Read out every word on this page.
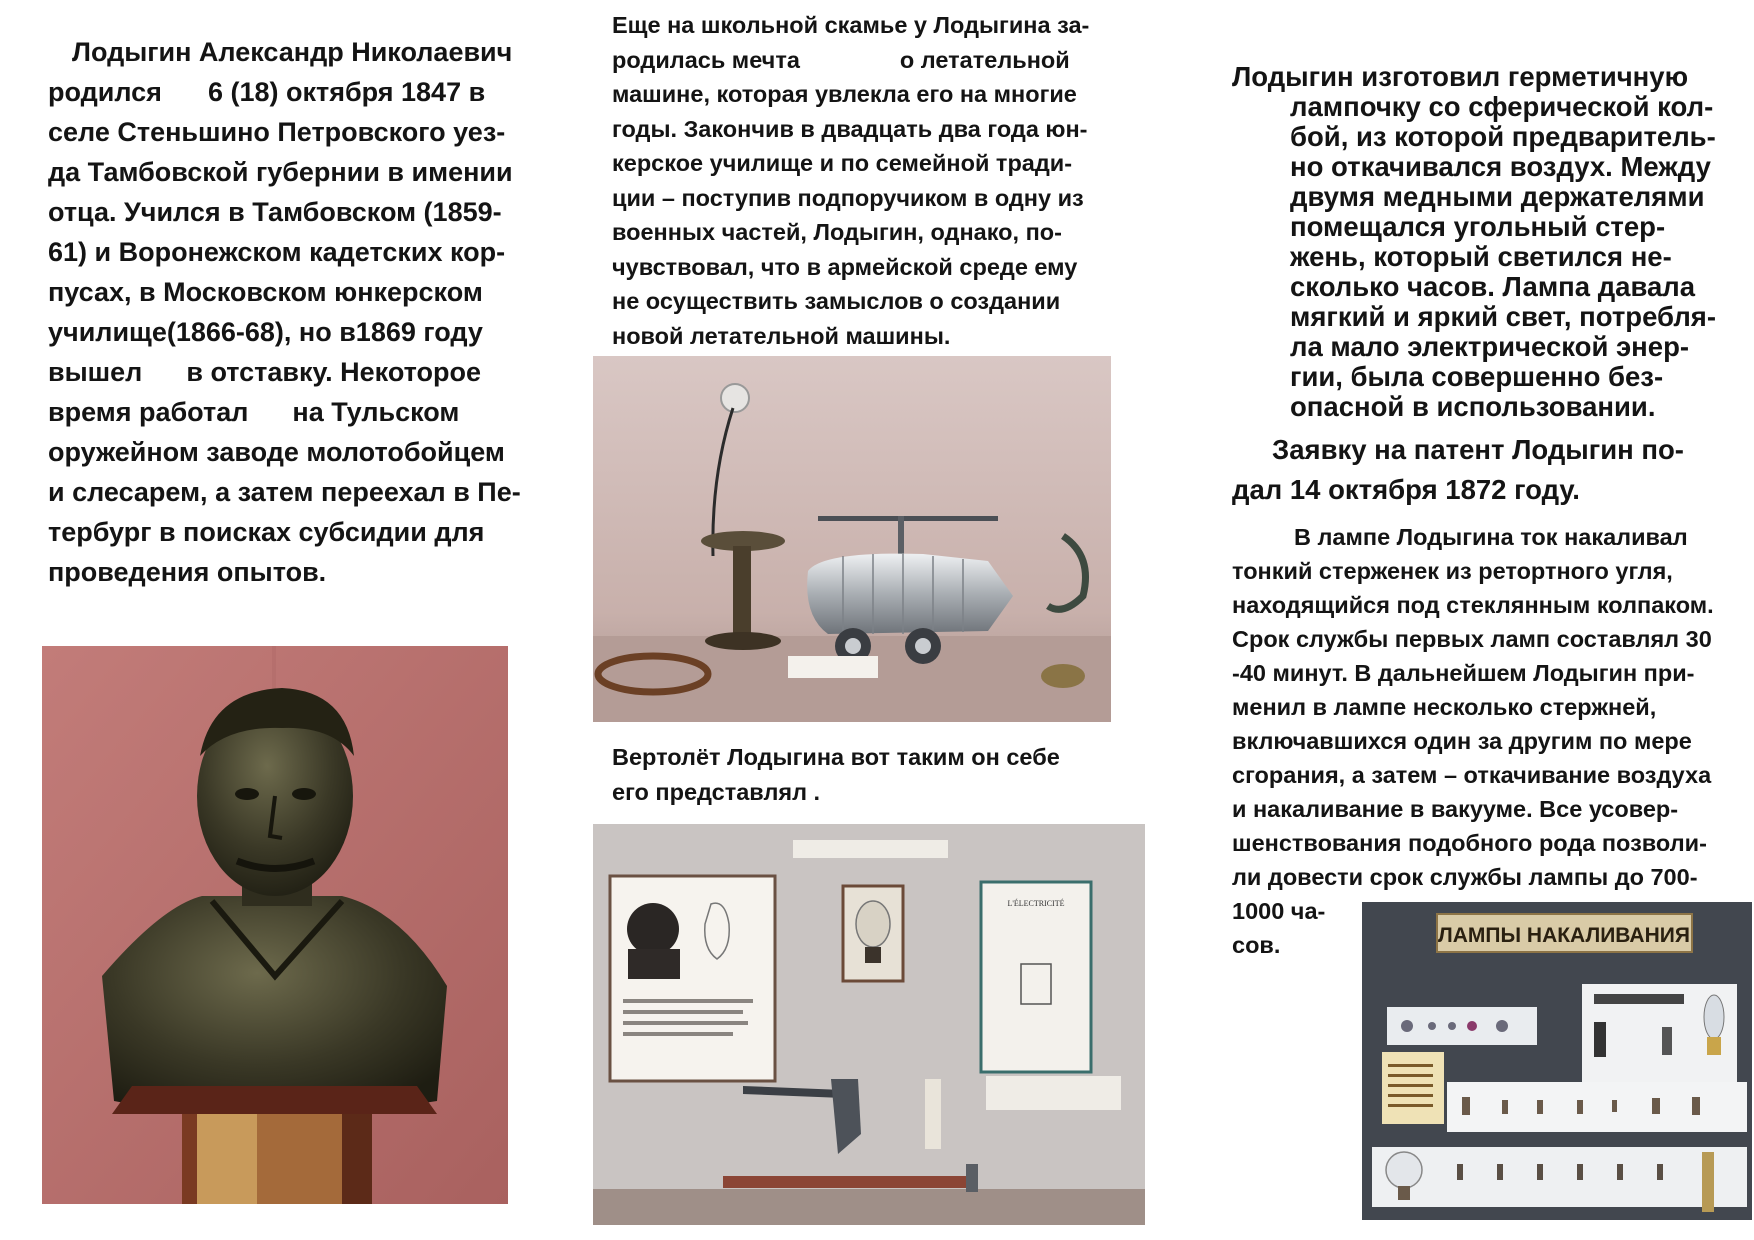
Лодыгин Александр Николаевич
родился 6 (18) октября 1847 в
селе Стеньшино Петровского уез-
да Тамбовской губернии в имении
отца. Учился в Тамбовском (1859-
61) и Воронежском кадетских кор-
пусах, в Московском юнкерском
училище(1866-68), но в1869 году
вышел в отставку. Некоторое
время работал на Тульском
оружейном заводе молотобойцем
и слесарем, а затем переехал в Пе-
тербург в поисках субсидии для
проведения опытов.
Еще на школьной скамье у Лодыгина за-
родилась мечта	о летательной
машине, которая увлекла его на многие
годы. Закончив в двадцать два года юн-
керское училище и по семейной тради-
ции – поступив подпоручиком в одну из
военных частей, Лодыгин, однако, по-
чувствовал, что в армейской среде ему
не осуществить замыслов о создании
новой летательной машины.
Вертолёт Лодыгина вот таким он себе
его представлял .
L'ÉLECTRICITÉ
Лодыгин изготовил герметичную
лампочку со сферической кол-
бой, из которой предваритель-
но откачивался воздух. Между
двумя медными держателями
помещался угольный стер-
жень, который светился не-
сколько часов. Лампа давала
мягкий и яркий свет, потребля-
ла мало электрической энер-
гии, была совершенно без-
опасной в использовании.
Заявку на патент Лодыгин по-
дал 14 октября 1872 году.
В лампе Лодыгина ток накаливал
тонкий стерженек из ретортного угля,
находящийся под стеклянным колпаком.
Срок службы первых ламп составлял 30
-40 минут. В дальнейшем Лодыгин при-
менил в лампе несколько стержней,
включавшихся один за другим по мере
сгорания, а затем – откачивание воздуха
и накаливание в вакууме. Все усовер-
шенствования подобного рода позволи-
ли довести срок службы лампы до 700-
1000 ча-
сов.	ЛАМПЫ НАКАЛИВАНИЯ
